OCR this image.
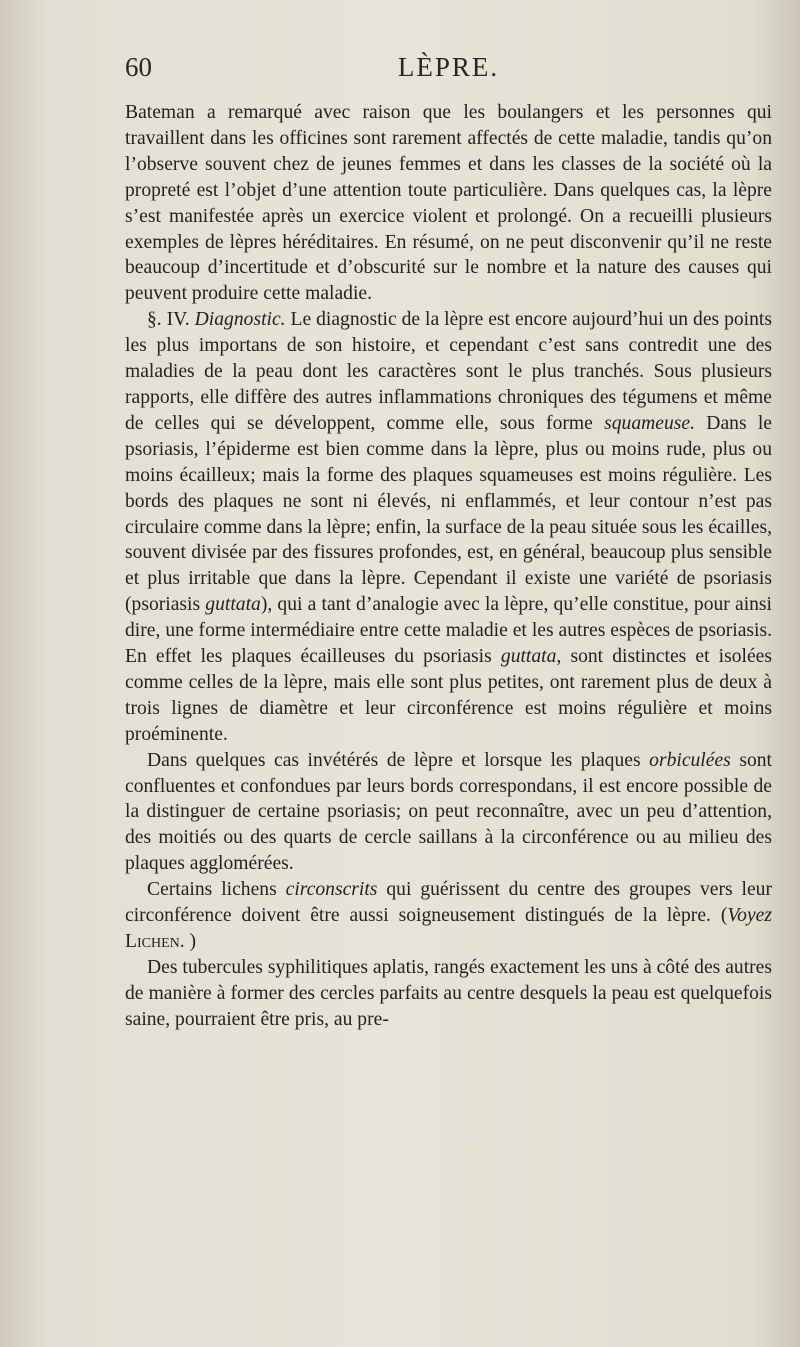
60	LÈPRE.

Bateman a remarqué avec raison que les boulangers et les personnes qui travaillent dans les officines sont rarement affectés de cette maladie, tandis qu’on l’observe souvent chez de jeunes femmes et dans les classes de la société où la propreté est l’objet d’une attention toute particulière. Dans quelques cas, la lèpre s’est manifestée après un exercice violent et prolongé. On a recueilli plusieurs exemples de lèpres héréditaires. En résumé, on ne peut disconvenir qu’il ne reste beaucoup d’incertitude et d’obscurité sur le nombre et la nature des causes qui peuvent produire cette maladie.

§. IV. Diagnostic. Le diagnostic de la lèpre est encore aujourd’hui un des points les plus importans de son histoire, et cependant c’est sans contredit une des maladies de la peau dont les caractères sont le plus tranchés. Sous plusieurs rapports, elle diffère des autres inflammations chroniques des tégumens et même de celles qui se développent, comme elle, sous forme squameuse. Dans le psoriasis, l’épiderme est bien comme dans la lèpre, plus ou moins rude, plus ou moins écailleux; mais la forme des plaques squameuses est moins régulière. Les bords des plaques ne sont ni élevés, ni enflammés, et leur contour n’est pas circulaire comme dans la lèpre; enfin, la surface de la peau située sous les écailles, souvent divisée par des fissures profondes, est, en général, beaucoup plus sensible et plus irritable que dans la lèpre. Cependant il existe une variété de psoriasis (psoriasis guttata), qui a tant d’analogie avec la lèpre, qu’elle constitue, pour ainsi dire, une forme intermédiaire entre cette maladie et les autres espèces de psoriasis. En effet les plaques écailleuses du psoriasis guttata, sont distinctes et isolées comme celles de la lèpre, mais elle sont plus petites, ont rarement plus de deux à trois lignes de diamètre et leur circonférence est moins régulière et moins proéminente.

Dans quelques cas invétérés de lèpre et lorsque les plaques orbiculées sont confluentes et confondues par leurs bords correspondans, il est encore possible de la distinguer de certaine psoriasis; on peut reconnaître, avec un peu d’attention, des moitiés ou des quarts de cercle saillans à la circonférence ou au milieu des plaques agglomérées.

Certains lichens circonscrits qui guérissent du centre des groupes vers leur circonférence doivent être aussi soigneusement distingués de la lèpre. (Voyez Lichen. )

Des tubercules syphilitiques aplatis, rangés exactement les uns à côté des autres de manière à former des cercles parfaits au centre desquels la peau est quelquefois saine, pourraient être pris, au pre-
